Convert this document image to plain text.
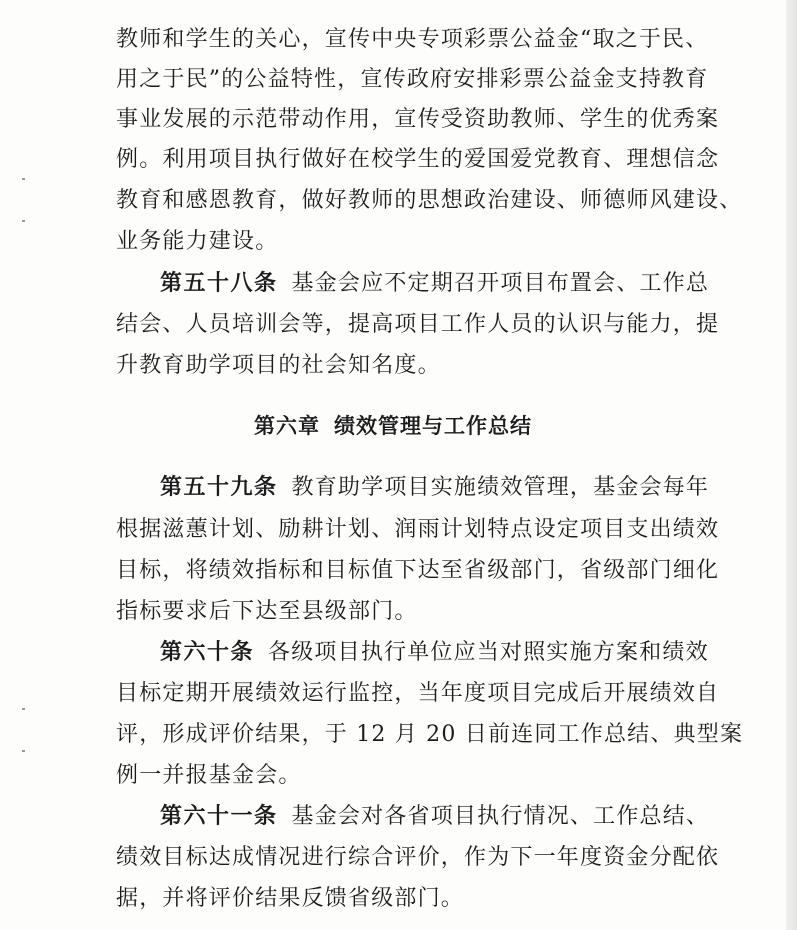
教师和学生的关心，宣传中央专项彩票公益金“取之于民、
用之于民”的公益特性，宣传政府安排彩票公益金支持教育
事业发展的示范带动作用，宣传受资助教师、学生的优秀案
例。利用项目执行做好在校学生的爱国爱党教育、理想信念
教育和感恩教育，做好教师的思想政治建设、师德师风建设、
业务能力建设。
第五十八条 基金会应不定期召开项目布置会、工作总
结会、人员培训会等，提高项目工作人员的认识与能力，提
升教育助学项目的社会知名度。
第六章 绩效管理与工作总结
第五十九条 教育助学项目实施绩效管理，基金会每年
根据滋蕙计划、励耕计划、润雨计划特点设定项目支出绩效
目标，将绩效指标和目标值下达至省级部门，省级部门细化
指标要求后下达至县级部门。
第六十条 各级项目执行单位应当对照实施方案和绩效
目标定期开展绩效运行监控，当年度项目完成后开展绩效自
评，形成评价结果，于 12 月 20 日前连同工作总结、典型案
例一并报基金会。
第六十一条 基金会对各省项目执行情况、工作总结、
绩效目标达成情况进行综合评价，作为下一年度资金分配依
据，并将评价结果反馈省级部门。
